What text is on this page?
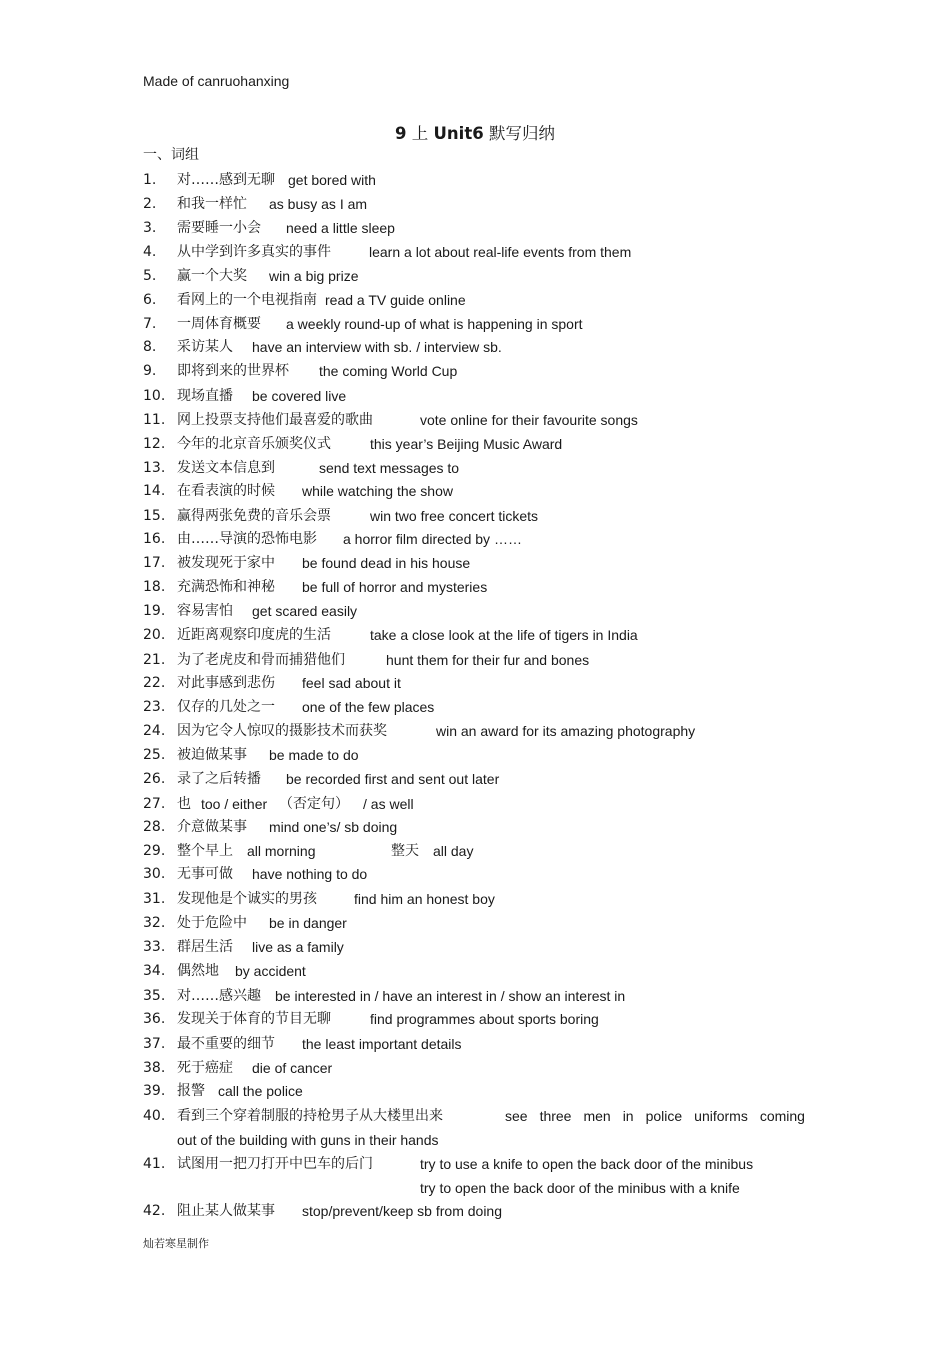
Made of canruohanxing
9 上 Unit6 默写归纳
一、词组
1.	对……感到无聊 get bored with
2.	和我一样忙 as busy as I am
3.	需要睡一小会 need a little sleep
4.	从中学到许多真实的事件	learn a lot about real-life events from them
5.	赢一个大奖 win a big prize
6.	看网上的一个电视指南 read a TV guide online
7.	一周体育概要 a weekly round-up of what is happening in sport
8.	采访某人 have an interview with sb. / interview sb.
9.	即将到来的世界杯 the coming World Cup
10. 现场直播 be covered live
11. 网上投票支持他们最喜爱的歌曲	vote online for their favourite songs
12. 今年的北京音乐颁奖仪式	this year’s Beijing Music Award
13. 发送文本信息到	send text messages to
14. 在看表演的时候 while watching the show
15. 赢得两张免费的音乐会票	win two free concert tickets
16. 由……导演的恐怖电影 a horror film directed by ……
17. 被发现死于家中 be found dead in his house
18. 充满恐怖和神秘 be full of horror and mysteries
19. 容易害怕 get scared easily
20. 近距离观察印度虎的生活	take a close look at the life of tigers in India
21. 为了老虎皮和骨而捕猎他们	hunt them for their fur and bones
22. 对此事感到悲伤 feel sad about it
23. 仅存的几处之一 one of the few places
24. 因为它令人惊叹的摄影技术而获奖	win an award for its amazing photography
25. 被迫做某事 be made to do
26. 录了之后转播 be recorded first and sent out later
27. 也 too / either （否定句） / as well
28. 介意做某事 mind one’s/ sb doing
29. 整个早上 all morning	整天 all day
30. 无事可做 have nothing to do
31. 发现他是个诚实的男孩	find him an honest boy
32. 处于危险中 be in danger
33. 群居生活 live as a family
34. 偶然地 by accident
35. 对……感兴趣 be interested in / have an interest in / show an interest in
36. 发现关于体育的节目无聊	find programmes about sports boring
37. 最不重要的细节 the least important details
38. 死于癌症 die of cancer
39. 报警 call the police
40. 看到三个穿着制服的持枪男子从大楼里出来	see three men in police uniforms coming
out of the building with guns in their hands
41. 试图用一把刀打开中巴车的后门	try to use a knife to open the back door of the minibus
try to open the back door of the minibus with a knife
42. 阻止某人做某事 stop/prevent/keep sb from doing
灿若寒星制作
